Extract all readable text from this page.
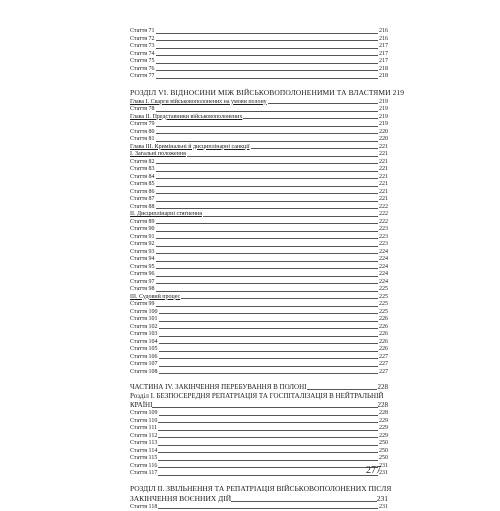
Стаття 71	216
Стаття 72	216
Стаття 73	217
Стаття 74	217
Стаття 75	217
Стаття 76	218
Стаття 77	218
РОЗДІЛ VI. ВІДНОСИНИ МІЖ ВІЙСЬКОВОПОЛОНЕНИМИ ТА ВЛАСТЯМИ 219
Глава I. Скарги військовополонених на умови полону	219
Стаття 78	219
Глава II. Представники військовополонених	219
Стаття 79	219
Стаття 80	220
Стаття 81	220
Глава III. Кримінальні й дисциплінарні санкції	221
I. Загальні положення	221
Стаття 82	221
Стаття 83	221
Стаття 84	221
Стаття 85	221
Стаття 86	221
Стаття 87	221
Стаття 88	222
II. Дисциплінарні стягнення	222
Стаття 89	222
Стаття 90	223
Стаття 91	223
Стаття 92	223
Стаття 93	224
Стаття 94	224
Стаття 95	224
Стаття 96	224
Стаття 97	224
Стаття 98	225
III. Судовий процес	225
Стаття 99	225
Стаття 100	225
Стаття 101	226
Стаття 102	226
Стаття 103	226
Стаття 104	226
Стаття 105	226
Стаття 106	227
Стаття 107	227
Стаття 108	227
ЧАСТИНА IV. ЗАКІНЧЕННЯ ПЕРЕБУВАННЯ В ПОЛОНІ	228
Розділ I. БЕЗПОСЕРЕДНЯ РЕПАТРІАЦІЯ ТА ГОСПІТАЛІЗАЦІЯ В НЕЙТРАЛЬНІЙ
КРАЇНІ	228
Стаття 109	228
Стаття 110	229
Стаття 111	229
Стаття 112	229
Стаття 113	250
Стаття 114	250
Стаття 115	250
Стаття 116	231
Стаття 117	231
РОЗДІЛ II. ЗВІЛЬНЕННЯ ТА РЕПАТРІАЦІЯ ВІЙСЬКОВОПОЛОНЕНИХ ПІСЛЯ
ЗАКІНЧЕННЯ ВОЄННИХ ДІЙ	231
Стаття 118	231
277
